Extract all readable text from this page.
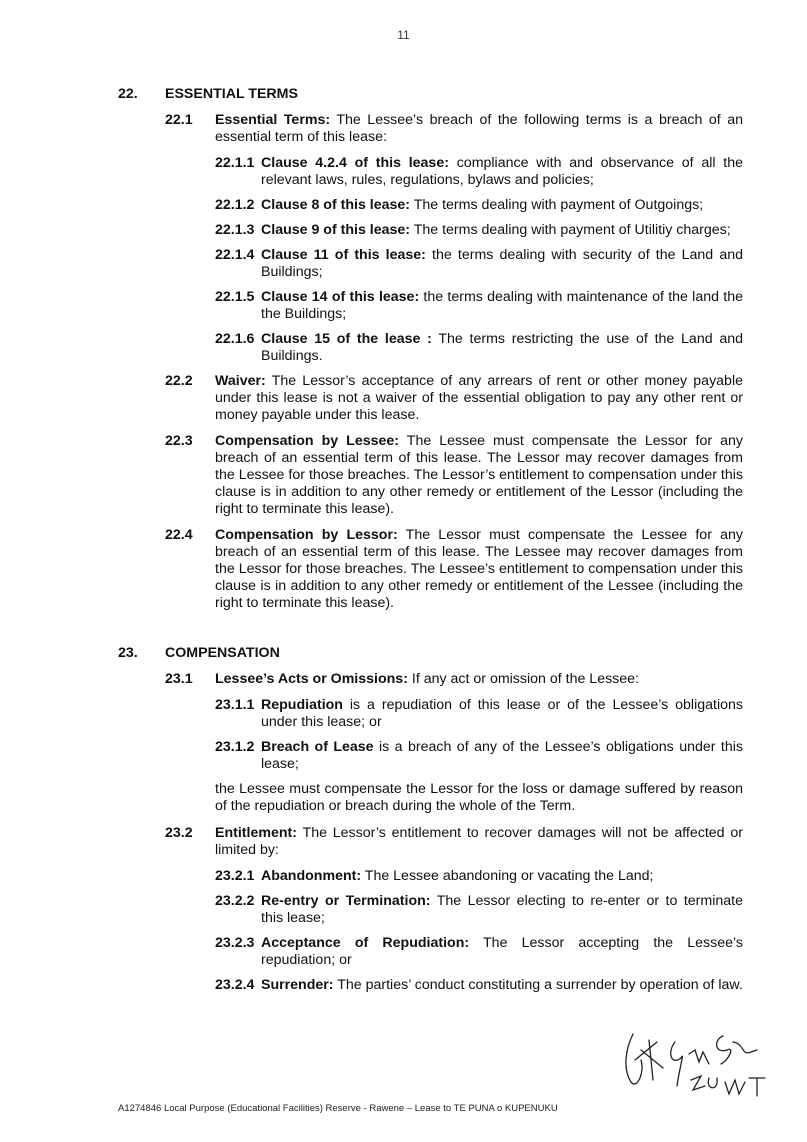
11
22.	ESSENTIAL TERMS
22.1	Essential Terms: The Lessee’s breach of the following terms is a breach of an essential term of this lease:
22.1.1 Clause 4.2.4 of this lease: compliance with and observance of all the relevant laws, rules, regulations, bylaws and policies;
22.1.2 Clause 8 of this lease: The terms dealing with payment of Outgoings;
22.1.3 Clause 9 of this lease: The terms dealing with payment of Utilitiy charges;
22.1.4 Clause 11 of this lease: the terms dealing with security of the Land and Buildings;
22.1.5 Clause 14 of this lease: the terms dealing with maintenance of the land the the Buildings;
22.1.6 Clause 15 of the lease : The terms restricting the use of the Land and Buildings.
22.2	Waiver: The Lessor’s acceptance of any arrears of rent or other money payable under this lease is not a waiver of the essential obligation to pay any other rent or money payable under this lease.
22.3	Compensation by Lessee: The Lessee must compensate the Lessor for any breach of an essential term of this lease. The Lessor may recover damages from the Lessee for those breaches. The Lessor’s entitlement to compensation under this clause is in addition to any other remedy or entitlement of the Lessor (including the right to terminate this lease).
22.4	Compensation by Lessor: The Lessor must compensate the Lessee for any breach of an essential term of this lease. The Lessee may recover damages from the Lessor for those breaches. The Lessee’s entitlement to compensation under this clause is in addition to any other remedy or entitlement of the Lessee (including the right to terminate this lease).
23.	COMPENSATION
23.1	Lessee’s Acts or Omissions: If any act or omission of the Lessee:
23.1.1 Repudiation is a repudiation of this lease or of the Lessee’s obligations under this lease; or
23.1.2 Breach of Lease is a breach of any of the Lessee’s obligations under this lease;
the Lessee must compensate the Lessor for the loss or damage suffered by reason of the repudiation or breach during the whole of the Term.
23.2	Entitlement: The Lessor’s entitlement to recover damages will not be affected or limited by:
23.2.1 Abandonment: The Lessee abandoning or vacating the Land;
23.2.2 Re-entry or Termination: The Lessor electing to re-enter or to terminate this lease;
23.2.3 Acceptance of Repudiation: The Lessor accepting the Lessee’s repudiation; or
23.2.4 Surrender: The parties’ conduct constituting a surrender by operation of law.
A1274846 Local Purpose (Educational Facilities) Reserve - Rawene – Lease to TE PUNA o KUPENUKU
